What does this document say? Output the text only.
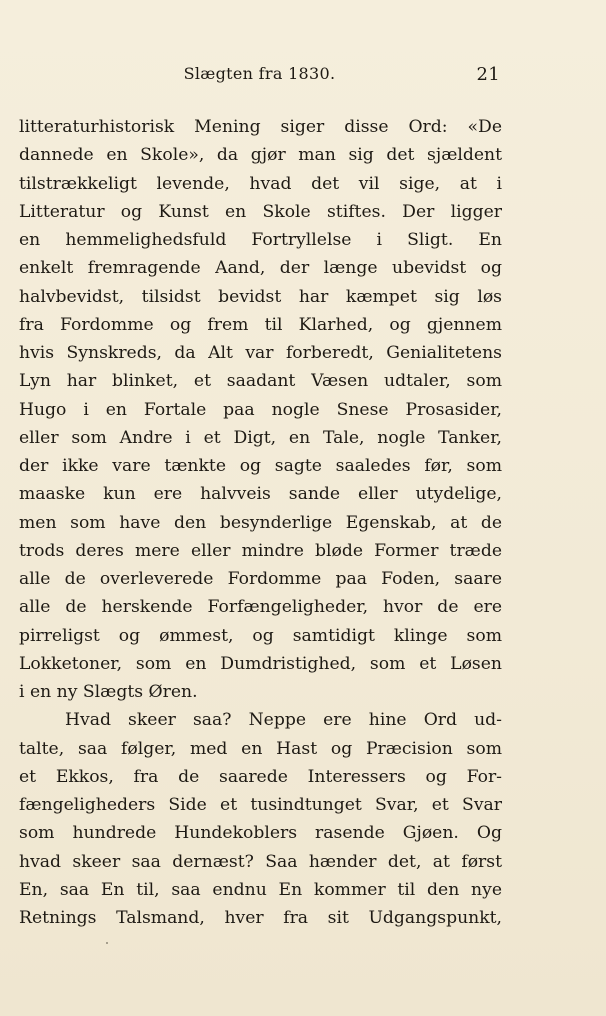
Slægten fra 1830.	21
litteraturhistorisk Mening siger disse Ord: «De
dannede en Skole», da gjør man sig det sjældent
tilstrækkeligt levende, hvad det vil sige, at i
Litteratur og Kunst en Skole stiftes. Der ligger
en hemmelighedsfuld Fortryllelse i Sligt. En
enkelt fremragende Aand, der længe ubevidst og
halvbevidst, tilsidst bevidst har kæmpet sig løs
fra Fordomme og frem til Klarhed, og gjennem
hvis Synskreds, da Alt var forberedt, Genialitetens
Lyn har blinket, et saadant Væsen udtaler, som
Hugo i en Fortale paa nogle Snese Prosasider,
eller som Andre i et Digt, en Tale, nogle Tanker,
der ikke vare tænkte og sagte saaledes før, som
maaske kun ere halvveis sande eller utydelige,
men som have den besynderlige Egenskab, at de
trods deres mere eller mindre bløde Former træde
alle de overleverede Fordomme paa Foden, saare
alle de herskende Forfængeligheder, hvor de ere
pirreligst og ømmest, og samtidigt klinge som
Lokketoner, som en Dumdristighed, som et Løsen
i en ny Slægts Øren.
Hvad skeer saa? Neppe ere hine Ord ud-
talte, saa følger, med en Hast og Præcision som
et Ekkos, fra de saarede Interessers og For-
fængeligheders Side et tusindtunget Svar, et Svar
som hundrede Hundekoblers rasende Gjøen. Og
hvad skeer saa dernæst? Saa hænder det, at først
En, saa En til, saa endnu En kommer til den nye
Retnings Talsmand, hver fra sit Udgangspunkt,
